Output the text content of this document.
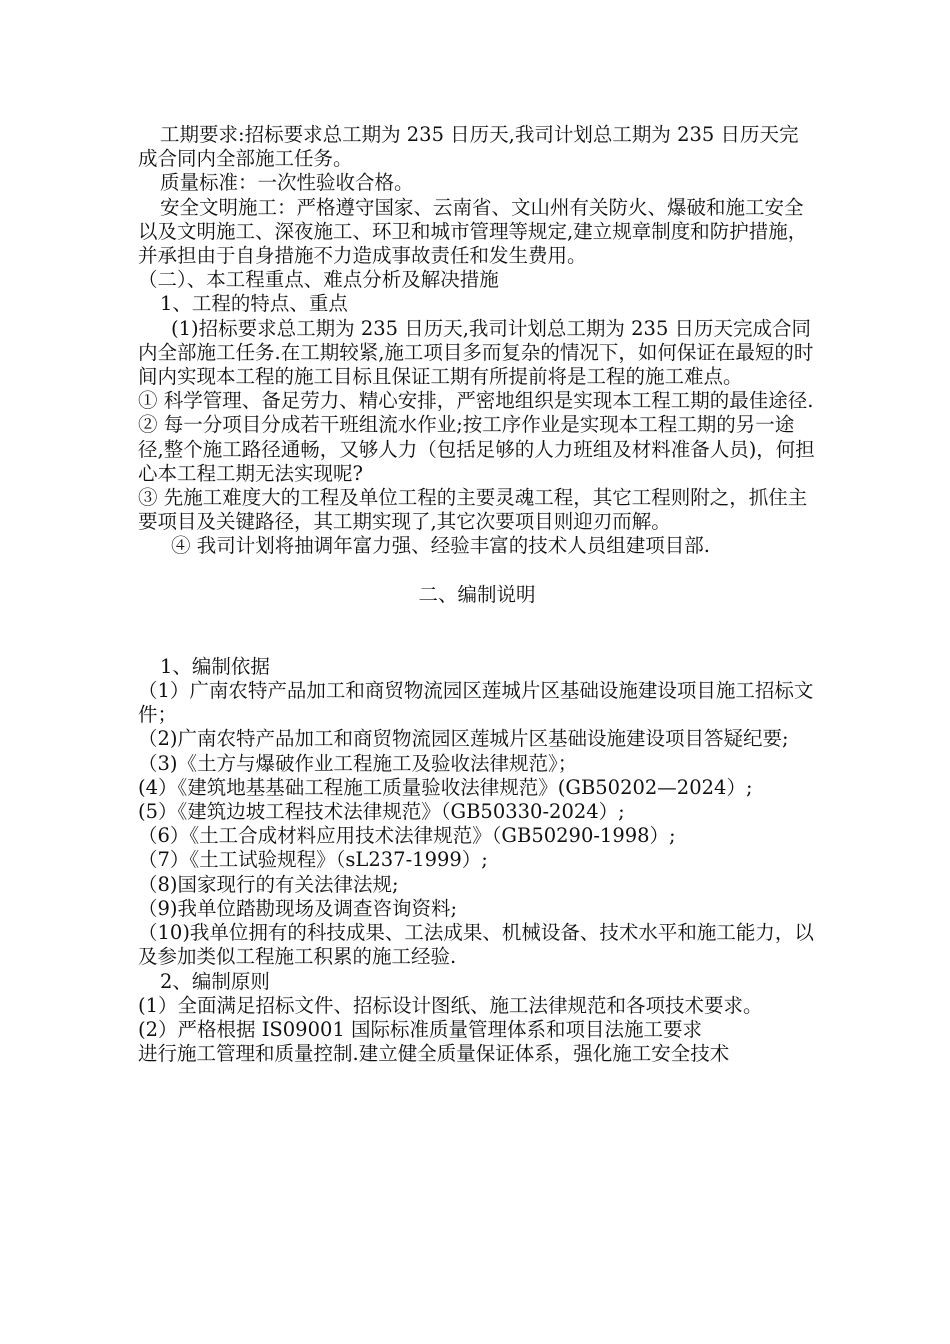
工期要求:招标要求总工期为 235 日历天,我司计划总工期为 235 日历天完成合同内全部施工任务。

质量标准：一次性验收合格。

安全文明施工：严格遵守国家、云南省、文山州有关防火、爆破和施工安全以及文明施工、深夜施工、环卫和城市管理等规定,建立规章制度和防护措施，并承担由于自身措施不力造成事故责任和发生费用。

（二）、本工程重点、难点分析及解决措施

1、工程的特点、重点

(1)招标要求总工期为 235 日历天,我司计划总工期为 235 日历天完成合同内全部施工任务.在工期较紧,施工项目多而复杂的情况下，如何保证在最短的时间内实现本工程的施工目标且保证工期有所提前将是工程的施工难点。

① 科学管理、备足劳力、精心安排，严密地组织是实现本工程工期的最佳途径.

② 每一分项目分成若干班组流水作业;按工序作业是实现本工程工期的另一途径,整个施工路径通畅，又够人力（包括足够的人力班组及材料准备人员)，何担心本工程工期无法实现呢?

③ 先施工难度大的工程及单位工程的主要灵魂工程，其它工程则附之，抓住主要项目及关键路径，其工期实现了,其它次要项目则迎刃而解。

④ 我司计划将抽调年富力强、经验丰富的技术人员组建项目部.

二、编制说明

1、编制依据

（1）广南农特产品加工和商贸物流园区莲城片区基础设施建设项目施工招标文件；

（2)广南农特产品加工和商贸物流园区莲城片区基础设施建设项目答疑纪要;

（3)《土方与爆破作业工程施工及验收法律规范》；

(4）《建筑地基基础工程施工质量验收法律规范》(GB50202—2024）;

(5）《建筑边坡工程技术法律规范》（GB50330-2024）;

（6）《土工合成材料应用技术法律规范》（GB50290-1998）;

（7）《土工试验规程》（sL237-1999）;

（8)国家现行的有关法律法规;

（9)我单位踏勘现场及调查咨询资料;

（10)我单位拥有的科技成果、工法成果、机械设备、技术水平和施工能力，以及参加类似工程施工积累的施工经验.

2、编制原则

(1）全面满足招标文件、招标设计图纸、施工法律规范和各项技术要求。

(2）严格根据 IS09001 国际标准质量管理体系和项目法施工要求

进行施工管理和质量控制.建立健全质量保证体系，强化施工安全技术
